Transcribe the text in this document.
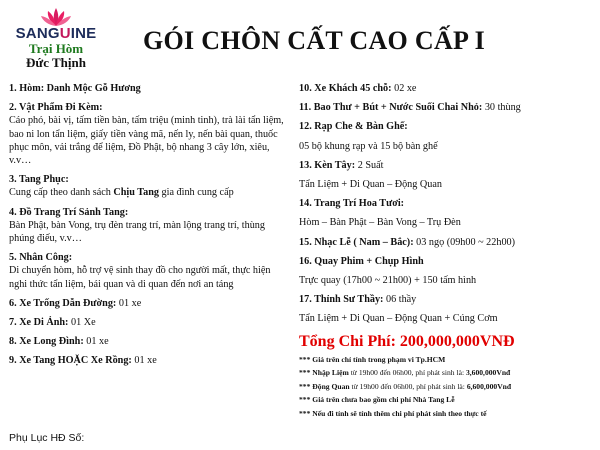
SANGUINE
Trại Hòm
Đức Thịnh
GÓI CHÔN CẤT CAO CẤP I

1. Hòm: Danh Mộc Gỗ Hương

2. Vật Phẩm Đi Kèm:

Cáo phó, bài vị, tấm tiền bàn, tấm triệu (minh tinh), trà lài tẩn liệm, bao ni lon tẩn liệm, giấy tiền vàng mã, nến ly, nến bài quan, thuốc phục môn, vải trắng để liệm, Đồ Phật, bộ nhang 3 cây lớn, xiêu, v.v…

3. Tang Phục:

Cung cấp theo danh sách Chịu Tang gia đình cung cấp

4. Đồ Trang Trí Sảnh Tang:

Bàn Phật, bàn Vong, trụ đèn trang trí, màn lộng trang trí, thùng phúng điếu, v.v…

5. Nhân Công:

Di chuyển hòm, hỗ trợ vệ sinh thay đồ cho người mất, thực hiện nghi thức tẩn liệm, bái quan và di quan đến nơi an táng

6. Xe Trống Dẫn Đường: 01 xe

7. Xe Di Ảnh: 01 Xe

8. Xe Long Đình: 01 xe

9. Xe Tang HOẶC Xe Rồng: 01 xe

10. Xe Khách 45 chỗ: 02 xe

11. Bao Thư + Bút + Nước Suối Chai Nhỏ: 30 thùng

12. Rạp Che & Bàn Ghế:

05 bộ khung rạp và 15 bộ bàn ghế

13. Kèn Tây: 2 Suất

Tẩn Liệm + Di Quan – Động Quan

14. Trang Trí Hoa Tươi:

Hòm – Bàn Phật – Bàn Vong – Trụ Đèn

15. Nhạc Lễ ( Nam – Bắc): 03 ngọ (09h00 ~ 22h00)

16. Quay Phim + Chụp Hình

Trực quay (17h00 ~ 21h00) + 150 tấm hình

17. Thỉnh Sư Thầy: 06 thầy

Tẩn Liệm + Di Quan – Động Quan + Cúng Cơm

Tổng Chi Phí: 200,000,000VNĐ
*** Giá trên chỉ tính trong phạm vi Tp.HCM
*** Nhập Liệm từ 19h00 đến 06h00, phí phát sinh là: 3,600,000Vnđ
*** Động Quan từ 19h00 đến 06h00, phí phát sinh là: 6,600,000Vnđ
*** Giá trên chưa bao gồm chi phí Nhà Tang Lễ
*** Nếu đi tỉnh sẽ tính thêm chi phí phát sinh theo thực tế
Phụ Lục HĐ Số:
